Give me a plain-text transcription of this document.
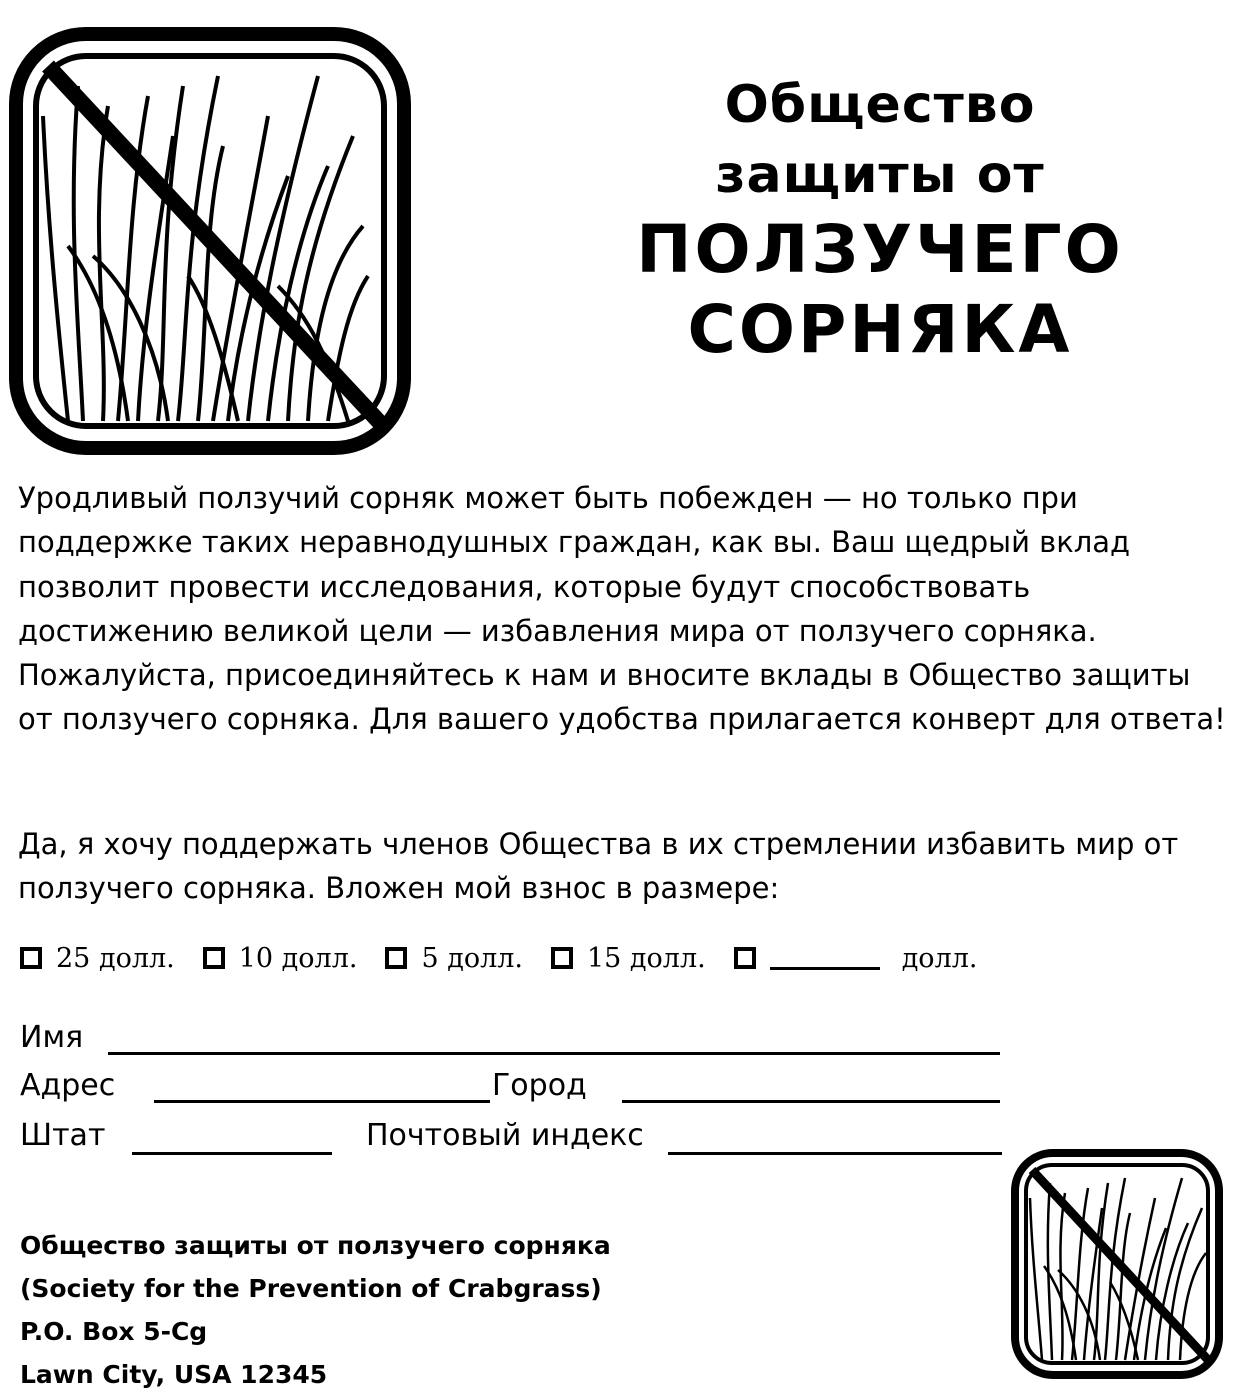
Общество
защиты от
ПОЛЗУЧЕГО
СОРНЯКА
Уродливый ползучий сорняк может быть побежден — но только при поддержке таких неравнодушных граждан, как вы. Ваш щедрый вклад позволит провести исследования, которые будут способствовать достижению великой цели — избавления мира от ползучего сорняка. Пожалуйста, присоединяйтесь к нам и вносите вклады в Общество защиты от ползучего сорняка. Для вашего удобства прилагается конверт для ответа!
Да, я хочу поддержать членов Общества в их стремлении избавить мир от ползучего сорняка. Вложен мой взнос в размере:
25 долл. 10 долл. 5 долл. 15 долл.	долл.
Имя
Адрес	Город
Штат	Почтовый индекс
Общество защиты от ползучего сорняка
(Society for the Prevention of Crabgrass)
P.O. Box 5-Cg
Lawn City, USA 12345
